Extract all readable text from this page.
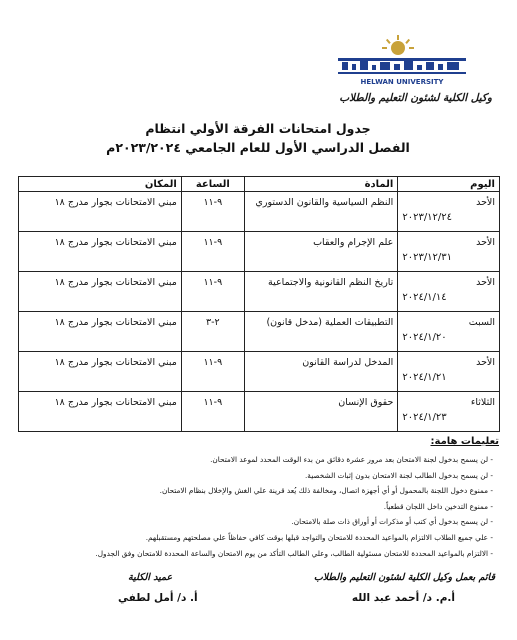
HELWAN UNIVERSITY
وكيل الكلية لشئون التعليم والطلاب
جدول امتحانات الفرقة الأولي انتظام
الفصل الدراسي الأول للعام الجامعي ٢٠٢٣/٢٠٢٤م
اليوم	المادة	الساعة	المكان

الأحد
٢٠٢٣/١٢/٢٤	النظم السياسية والقانون الدستوري	٩-١١	مبني الامتحانات بجوار مدرج ١٨

الأحد
٢٠٢٣/١٢/٣١	علم الإجرام والعقاب	٩-١١	مبني الامتحانات بجوار مدرج ١٨

الأحد
٢٠٢٤/١/١٤	تاريخ النظم القانونية والاجتماعية	٩-١١	مبني الامتحانات بجوار مدرج ١٨

السبت
٢٠٢٤/١/٢٠	التطبيقات العملية (مدخل قانون)	٢-٣	مبني الامتحانات بجوار مدرج ١٨

الأحد
٢٠٢٤/١/٢١	المدخل لدراسة القانون	٩-١١	مبني الامتحانات بجوار مدرج ١٨

الثلاثاء
٢٠٢٤/١/٢٣	حقوق الإنسان	٩-١١	مبني الامتحانات بجوار مدرج ١٨
تعليمات هامة:
- لن يسمح بدخول لجنة الامتحان بعد مرور عشرة دقائق من بدء الوقت المحدد لموعد الامتحان.
- لن يسمح بدخول الطالب لجنة الامتحان بدون إثبات الشخصية.
- ممنوع دخول اللجنة بالمحمول أو أي أجهزة اتصال، ومخالفة ذلك يُعد قرينة علي الغش والإخلال بنظام الامتحان.
- ممنوع التدخين داخل اللجان قطعياً.
- لن يسمح بدخول أي كتب أو مذكرات أو أوراق ذات صلة بالامتحان.
- علي جميع الطلاب الالتزام بالمواعيد المحددة للامتحان والتواجد قبلها بوقت كافي حفاظاً علي مصلحتهم ومستقبلهم.
- الالتزام بالمواعيد المحددة للامتحان مسئولية الطالب، وعلي الطالب التأكد من يوم الامتحان والساعة المحددة للامتحان وفق الجدول.
قائم بعمل وكيل الكلية لشئون التعليم والطلاب
أ.م. د/ أحمد عبد الله
عميد الكلية
أ. د/ أمل لطفي
